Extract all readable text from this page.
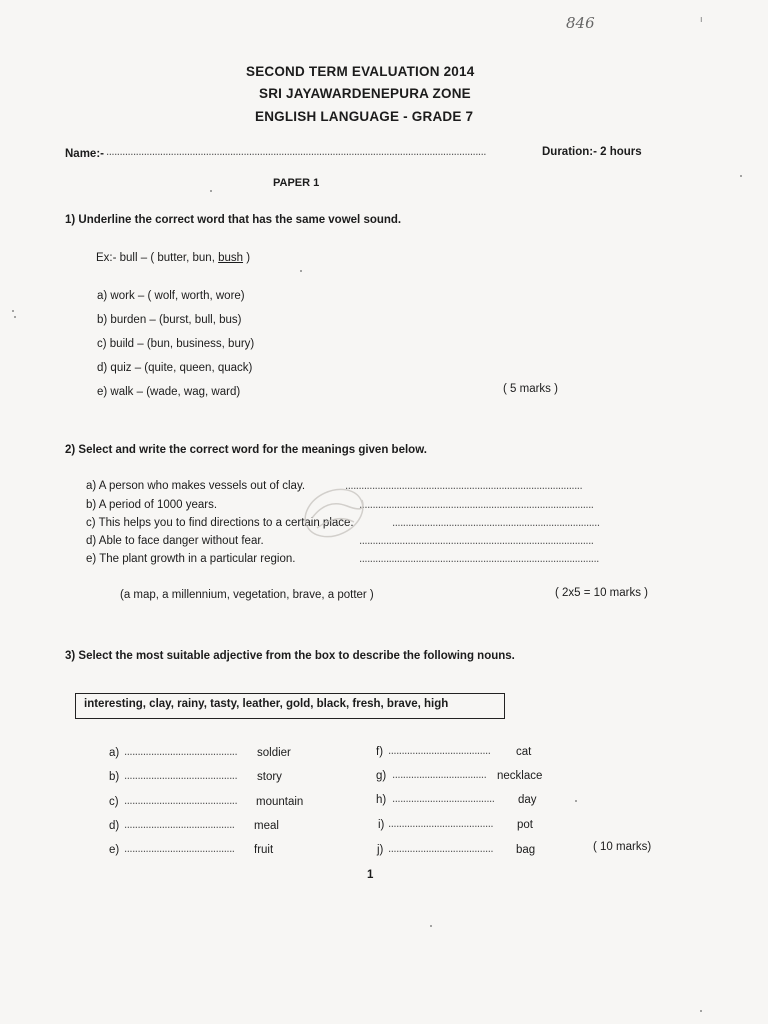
846	ı
SECOND TERM EVALUATION 2014
SRI JAYAWARDENEPURA ZONE
ENGLISH LANGUAGE - GRADE 7
Name:- .............................................................................................................................................	Duration:- 2 hours
PAPER 1
1) Underline the correct word that has the same vowel sound.
Ex:- bull – ( butter, bun, bush )
a) work – ( wolf, worth, wore)
b) burden – (burst, bull, bus)
c) build – (bun, business, bury)
d) quiz – (quite, queen, quack)
e) walk – (wade, wag, ward)	( 5 marks )
2) Select and write the correct word for the meanings given below.
a) A person who makes vessels out of clay.
b) A period of 1000 years.
c) This helps you to find directions to a certain place.
d) Able to face danger without fear.
e) The plant growth in a particular region.
........................................................................................
.......................................................................................
.............................................................................
.......................................................................................
.........................................................................................
(a map, a millennium, vegetation, brave, a potter )	( 2x5 = 10 marks )
3) Select the most suitable adjective from the box to describe the following nouns.
interesting, clay, rainy, tasty, leather, gold, black, fresh, brave, high
a) .......................................... soldier
b) .......................................... story
c) .......................................... mountain
d) ......................................... meal
e) ......................................... fruit
f) ...................................... cat
g) ................................... necklace
h) ...................................... day
i) ....................................... pot
j) ....................................... bag	( 10 marks)
1
